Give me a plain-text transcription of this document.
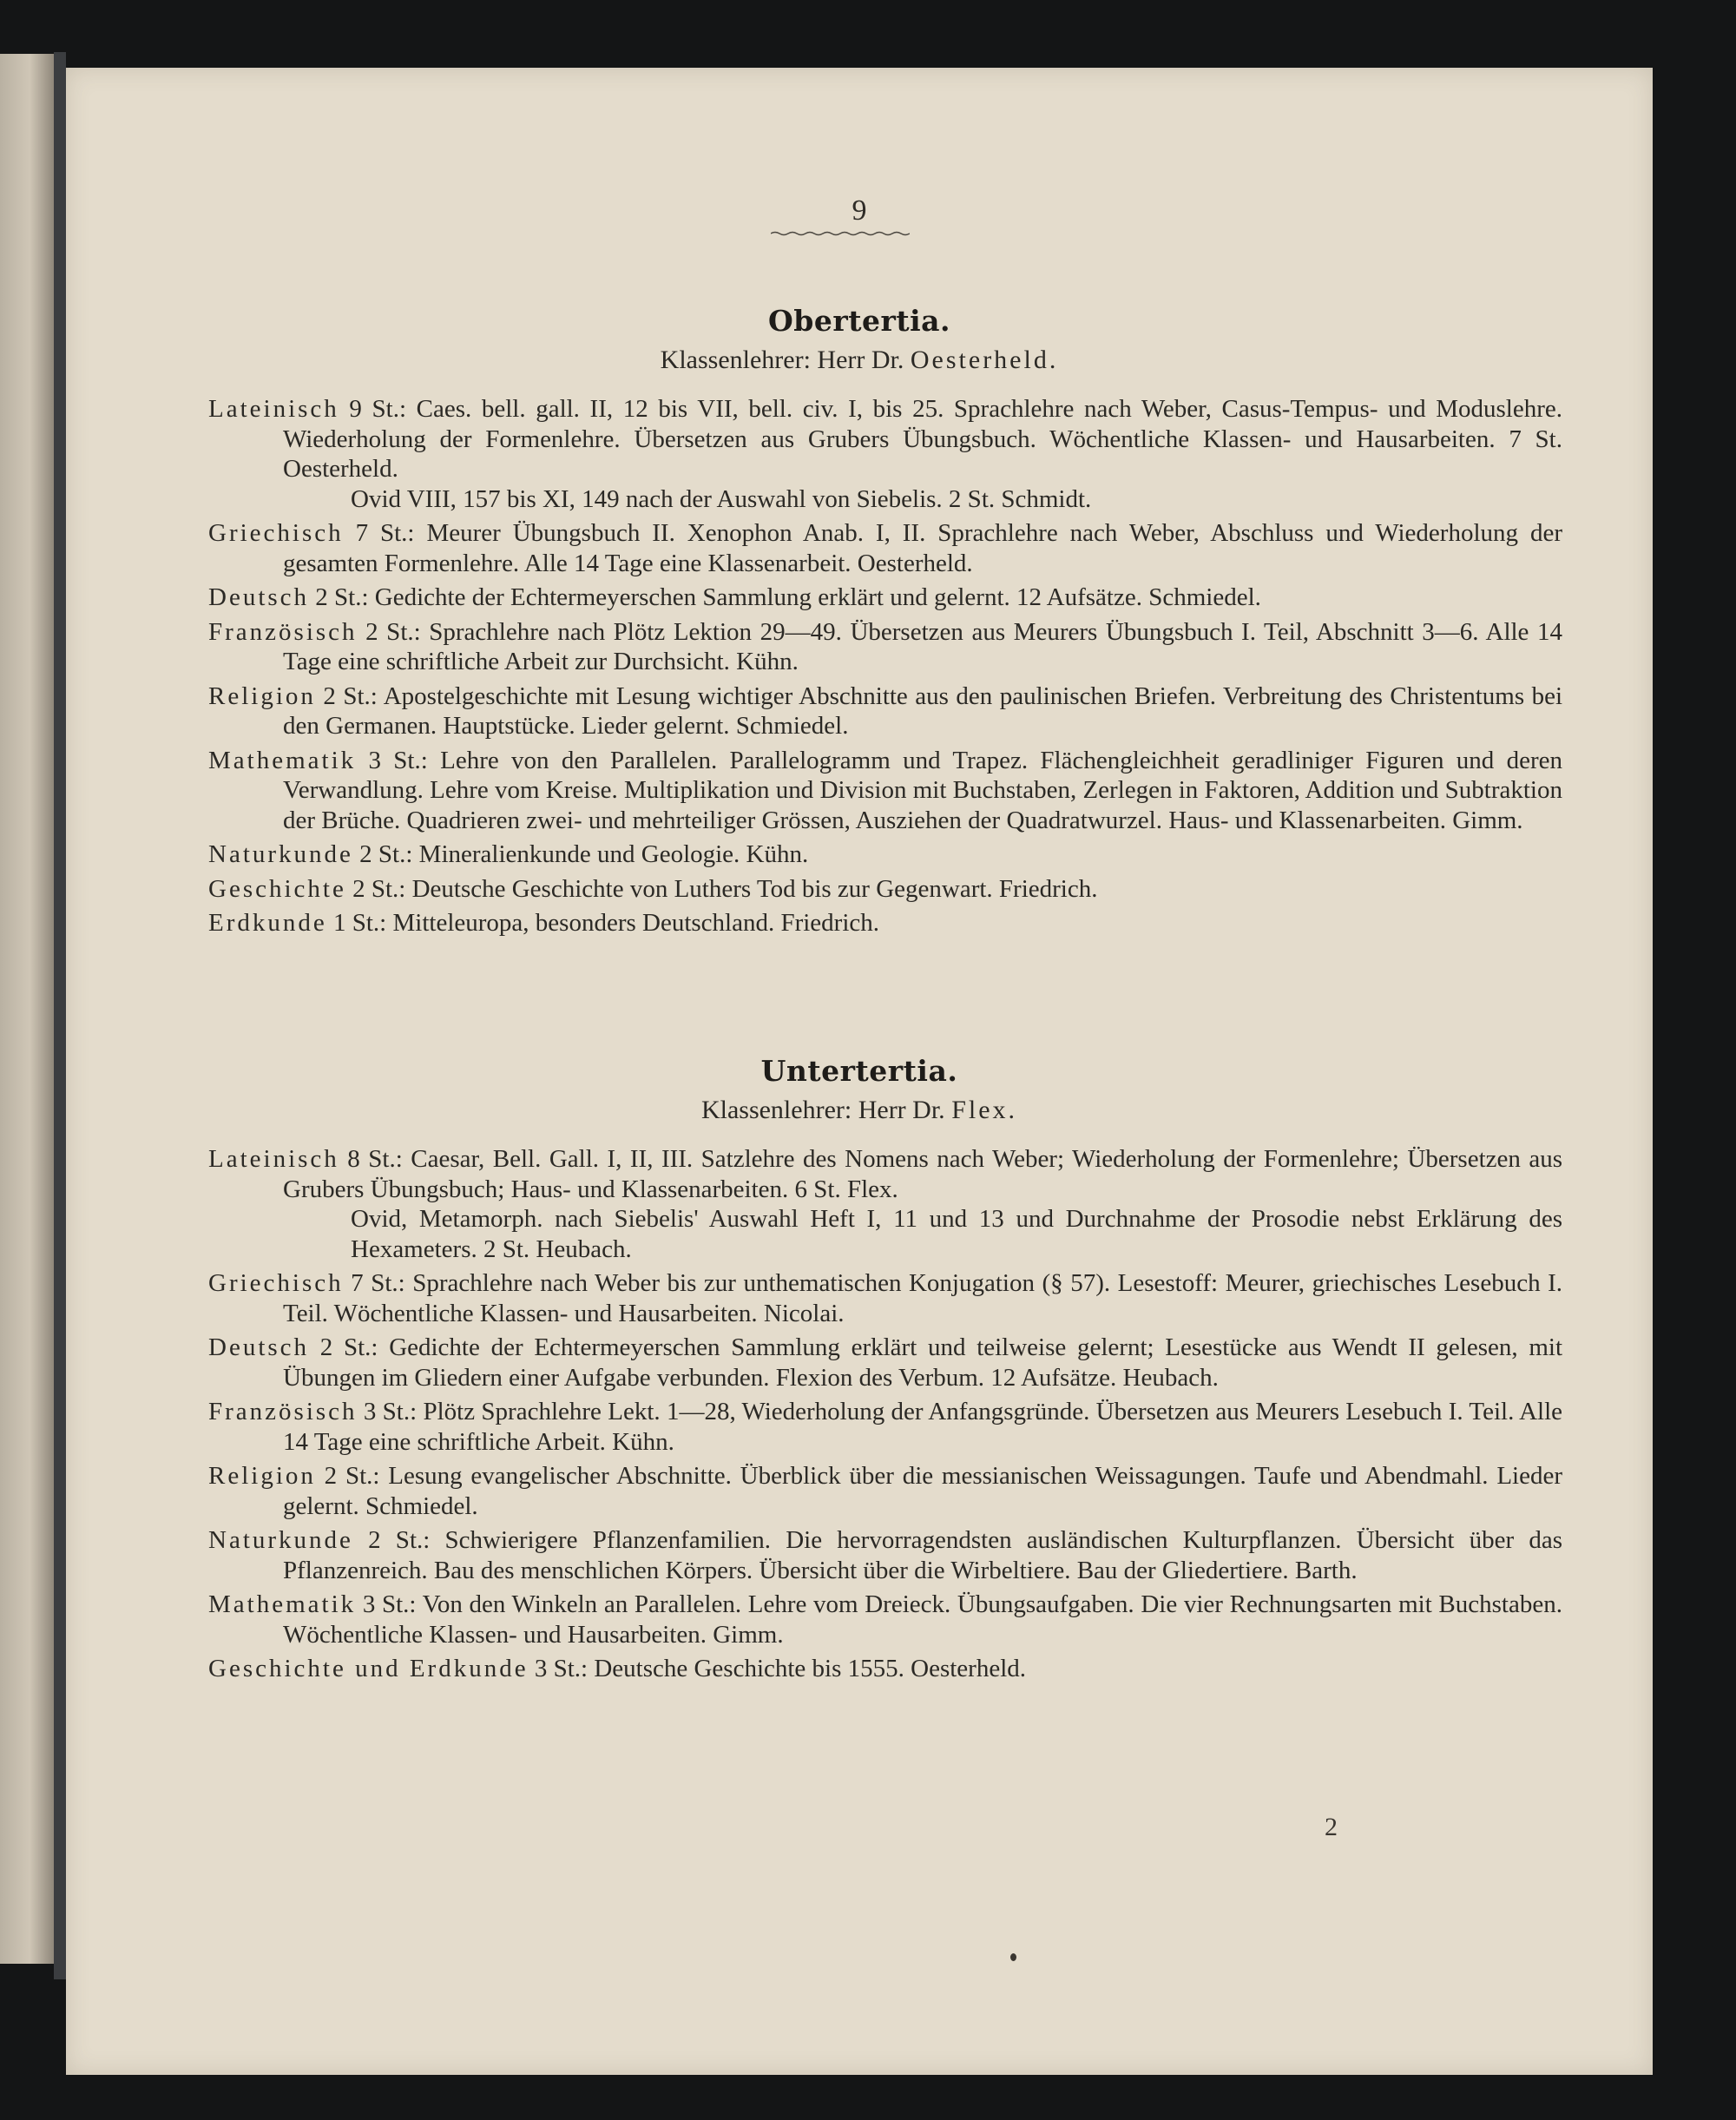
9
Obertertia.
Klassenlehrer: Herr Dr. Oesterheld.
Lateinisch 9 St.: Caes. bell. gall. II, 12 bis VII, bell. civ. I, bis 25. Sprachlehre nach Weber, Casus-Tempus- und Moduslehre. Wiederholung der Formenlehre. Übersetzen aus Grubers Übungsbuch. Wöchentliche Klassen- und Hausarbeiten. 7 St. Oesterheld.
Ovid VIII, 157 bis XI, 149 nach der Auswahl von Siebelis. 2 St. Schmidt.
Griechisch 7 St.: Meurer Übungsbuch II. Xenophon Anab. I, II. Sprachlehre nach Weber, Abschluss und Wiederholung der gesamten Formenlehre. Alle 14 Tage eine Klassenarbeit. Oesterheld.
Deutsch 2 St.: Gedichte der Echtermeyerschen Sammlung erklärt und gelernt. 12 Aufsätze. Schmiedel.
Französisch 2 St.: Sprachlehre nach Plötz Lektion 29—49. Übersetzen aus Meurers Übungsbuch I. Teil, Abschnitt 3—6. Alle 14 Tage eine schriftliche Arbeit zur Durchsicht. Kühn.
Religion 2 St.: Apostelgeschichte mit Lesung wichtiger Abschnitte aus den paulinischen Briefen. Verbreitung des Christentums bei den Germanen. Hauptstücke. Lieder gelernt. Schmiedel.
Mathematik 3 St.: Lehre von den Parallelen. Parallelogramm und Trapez. Flächengleichheit geradliniger Figuren und deren Verwandlung. Lehre vom Kreise. Multiplikation und Division mit Buchstaben, Zerlegen in Faktoren, Addition und Subtraktion der Brüche. Quadrieren zwei- und mehrteiliger Grössen, Ausziehen der Quadratwurzel. Haus- und Klassenarbeiten. Gimm.
Naturkunde 2 St.: Mineralienkunde und Geologie. Kühn.
Geschichte 2 St.: Deutsche Geschichte von Luthers Tod bis zur Gegenwart. Friedrich.
Erdkunde 1 St.: Mitteleuropa, besonders Deutschland. Friedrich.
Untertertia.
Klassenlehrer: Herr Dr. Flex.
Lateinisch 8 St.: Caesar, Bell. Gall. I, II, III. Satzlehre des Nomens nach Weber; Wiederholung der Formenlehre; Übersetzen aus Grubers Übungsbuch; Haus- und Klassenarbeiten. 6 St. Flex.
Ovid, Metamorph. nach Siebelis' Auswahl Heft I, 11 und 13 und Durchnahme der Prosodie nebst Erklärung des Hexameters. 2 St. Heubach.
Griechisch 7 St.: Sprachlehre nach Weber bis zur unthematischen Konjugation (§ 57). Lesestoff: Meurer, griechisches Lesebuch I. Teil. Wöchentliche Klassen- und Hausarbeiten. Nicolai.
Deutsch 2 St.: Gedichte der Echtermeyerschen Sammlung erklärt und teilweise gelernt; Lesestücke aus Wendt II gelesen, mit Übungen im Gliedern einer Aufgabe verbunden. Flexion des Verbum. 12 Aufsätze. Heubach.
Französisch 3 St.: Plötz Sprachlehre Lekt. 1—28, Wiederholung der Anfangsgründe. Übersetzen aus Meurers Lesebuch I. Teil. Alle 14 Tage eine schriftliche Arbeit. Kühn.
Religion 2 St.: Lesung evangelischer Abschnitte. Überblick über die messianischen Weissagungen. Taufe und Abendmahl. Lieder gelernt. Schmiedel.
Naturkunde 2 St.: Schwierigere Pflanzenfamilien. Die hervorragendsten ausländischen Kulturpflanzen. Übersicht über das Pflanzenreich. Bau des menschlichen Körpers. Übersicht über die Wirbeltiere. Bau der Gliedertiere. Barth.
Mathematik 3 St.: Von den Winkeln an Parallelen. Lehre vom Dreieck. Übungsaufgaben. Die vier Rechnungsarten mit Buchstaben. Wöchentliche Klassen- und Hausarbeiten. Gimm.
Geschichte und Erdkunde 3 St.: Deutsche Geschichte bis 1555. Oesterheld.
2
